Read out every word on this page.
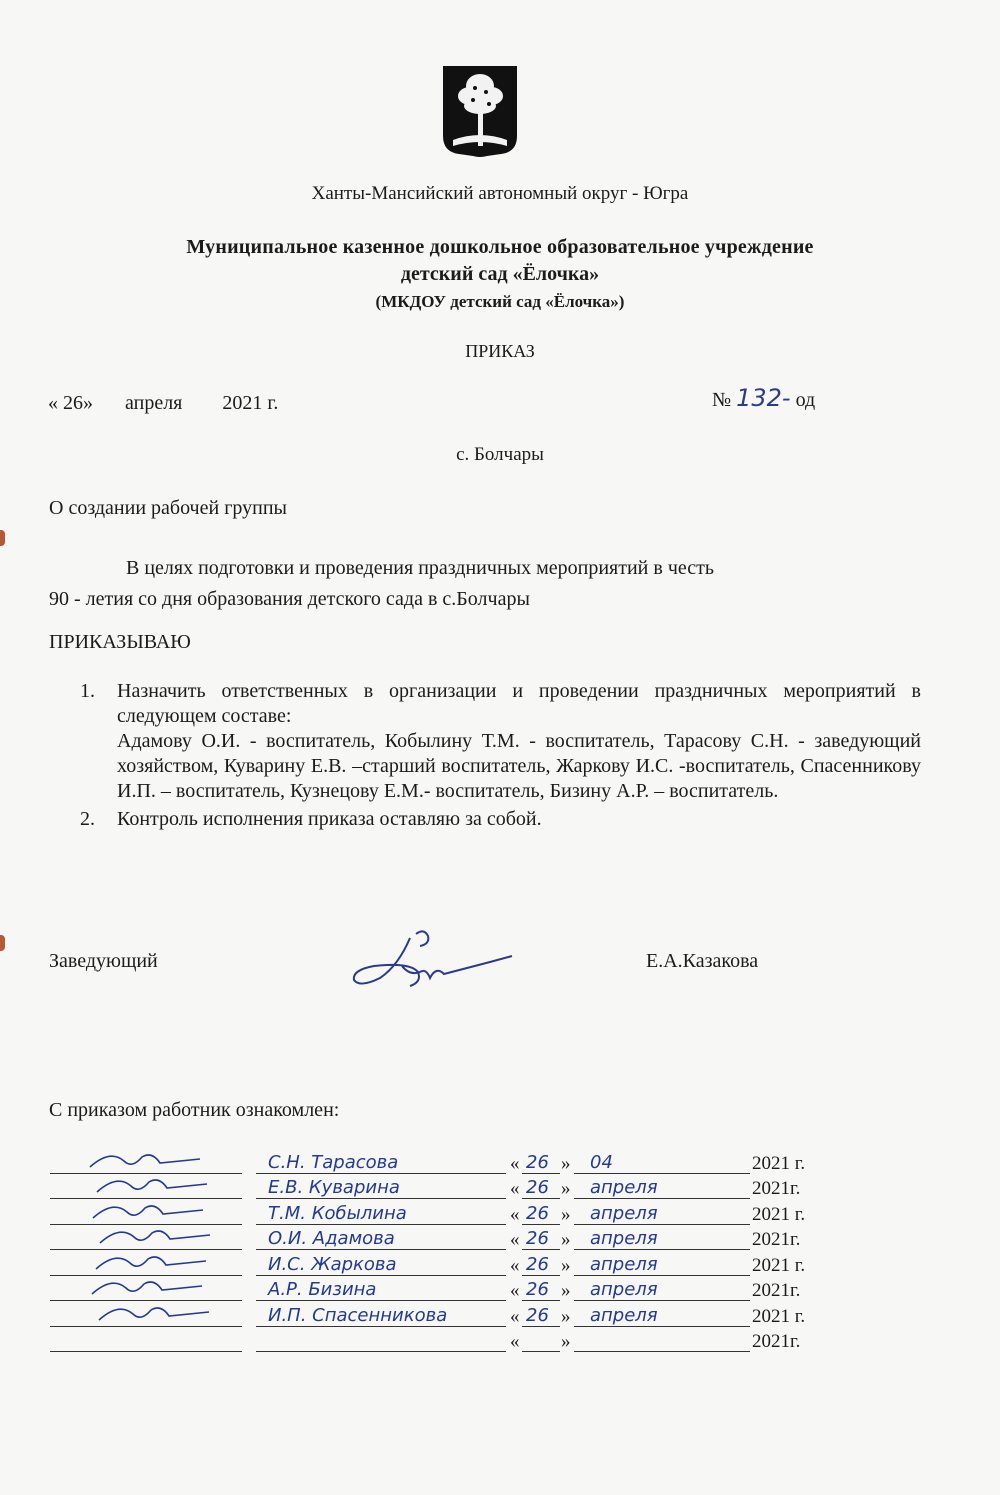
Ханты-Мансийский автономный округ - Югра
Муниципальное казенное дошкольное образовательное учреждение
детский сад «Ёлочка»
(МКДОУ детский сад «Ёлочка»)
ПРИКАЗ
« 26» апреля 2021 г.	№ 132- од
с. Болчары
О создании рабочей группы
В целях подготовки и проведения праздничных мероприятий в честь
90 - летия со дня образования детского сада в с.Болчары
ПРИКАЗЫВАЮ
1.	Назначить ответственных в организации и проведении праздничных мероприятий в следующем составе:
Адамову О.И. - воспитатель, Кобылину Т.М. - воспитатель, Тарасову С.Н. - заведующий хозяйством, Куварину Е.В. –старший воспитатель, Жаркову И.С. -воспитатель, Спасенникову И.П. – воспитатель, Кузнецову Е.М.- воспитатель, Бизину А.Р. – воспитатель.
2.	Контроль исполнения приказа оставляю за собой.
Заведующий	Е.А.Казакова
С приказом работник ознакомлен:
С.Н. Тарасова	« 26 » 04	2021 г.
Е.В. Куварина	« 26 » апреля	2021г.
Т.М. Кобылина	« 26 » апреля	2021 г.
О.И. Адамова	« 26 » апреля	2021г.
И.С. Жаркова	« 26 » апреля	2021 г.
А.Р. Бизина	« 26 » апреля	2021г.
И.П. Спасенникова	« 26 » апреля	2021 г.
« »	2021г.
